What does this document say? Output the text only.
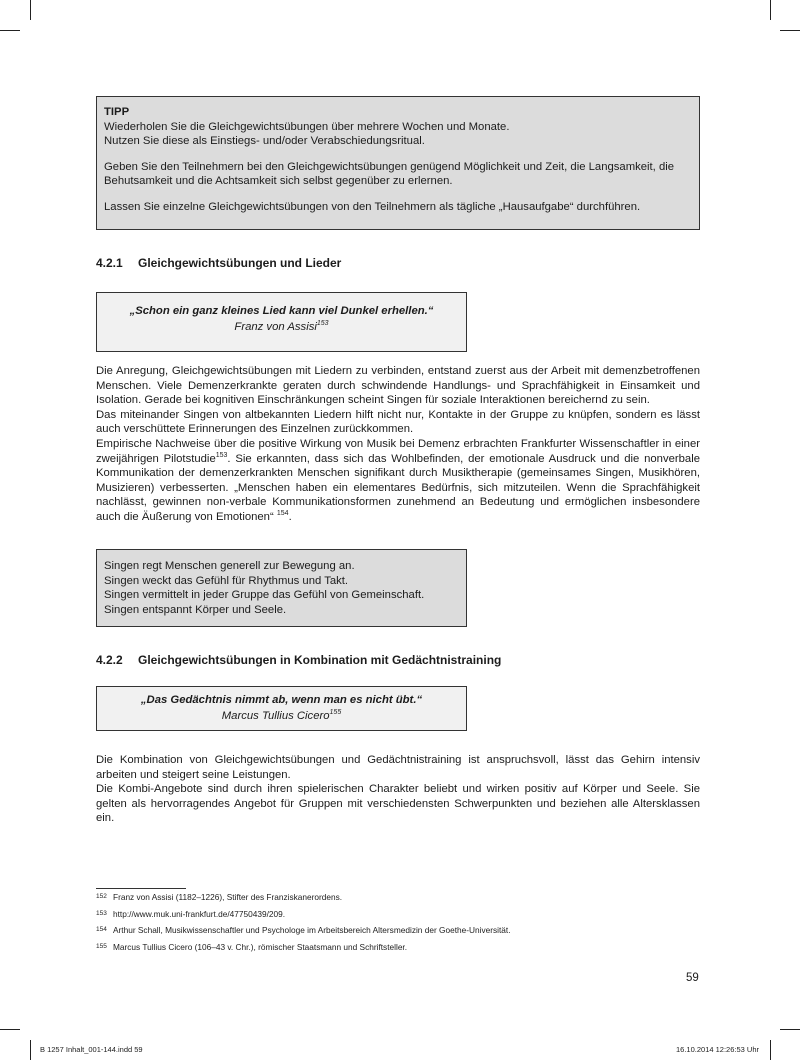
TIPP

Wiederholen Sie die Gleichgewichtsübungen über mehrere Wochen und Monate.

Nutzen Sie diese als Einstiegs- und/oder Verabschiedungsritual.

Geben Sie den Teilnehmern bei den Gleichgewichtsübungen genügend Möglichkeit und Zeit, die Langsamkeit, die Behutsamkeit und die Achtsamkeit sich selbst gegenüber zu erlernen.

Lassen Sie einzelne Gleichgewichtsübungen von den Teilnehmern als tägliche „Hausaufgabe“ durchführen.

4.2.1 Gleichgewichtsübungen und Lieder
„Schon ein ganz kleines Lied kann viel Dunkel erhellen.“
Franz von Assisi$^{153}$

Die Anregung, Gleichgewichtsübungen mit Liedern zu verbinden, entstand zuerst aus der Arbeit mit demenzbetroffenen Menschen. Viele Demenzerkrankte geraten durch schwindende Handlungs- und Sprachfähigkeit in Einsamkeit und Isolation. Gerade bei kognitiven Einschränkungen scheint Singen für soziale Interaktionen bereichernd zu sein.

Das miteinander Singen von altbekannten Liedern hilft nicht nur, Kontakte in der Gruppe zu knüpfen, sondern es lässt auch verschüttete Erinnerungen des Einzelnen zurückkommen.

Empirische Nachweise über die positive Wirkung von Musik bei Demenz erbrachten Frankfurter Wissenschaftler in einer zweijährigen Pilotstudie$^{153}$. Sie erkannten, dass sich das Wohlbefinden, der emotionale Ausdruck und die nonverbale Kommunikation der demenzerkrankten Menschen signifikant durch Musiktherapie (gemeinsames Singen, Musikhören, Musizieren) verbesserten. „Menschen haben ein elementares Bedürfnis, sich mitzuteilen. Wenn die Sprachfähigkeit nachlässt, gewinnen non-verbale Kommunikationsformen zunehmend an Bedeutung und ermöglichen insbesondere auch die Äußerung von Emotionen“ $^{154}$.

Singen regt Menschen generell zur Bewegung an.

Singen weckt das Gefühl für Rhythmus und Takt.

Singen vermittelt in jeder Gruppe das Gefühl von Gemeinschaft.

Singen entspannt Körper und Seele.

4.2.2 Gleichgewichtsübungen in Kombination mit Gedächtnistraining
„Das Gedächtnis nimmt ab, wenn man es nicht übt.“
Marcus Tullius Cicero$^{155}$

Die Kombination von Gleichgewichtsübungen und Gedächtnistraining ist anspruchsvoll, lässt das Gehirn intensiv arbeiten und steigert seine Leistungen.

Die Kombi-Angebote sind durch ihren spielerischen Charakter beliebt und wirken positiv auf Körper und Seele. Sie gelten als hervorragendes Angebot für Gruppen mit verschiedensten Schwerpunkten und beziehen alle Altersklassen ein.

152 Franz von Assisi (1182–1226), Stifter des Franziskanerordens.
153 http://www.muk.uni-frankfurt.de/47750439/209.
154 Arthur Schall, Musikwissenschaftler und Psychologe im Arbeitsbereich Altersmedizin der Goethe-Universität.
155 Marcus Tullius Cicero (106–43 v. Chr.), römischer Staatsmann und Schriftsteller.
59
B 1257 Inhalt_001-144.indd 59	16.10.2014 12:26:53 Uhr
